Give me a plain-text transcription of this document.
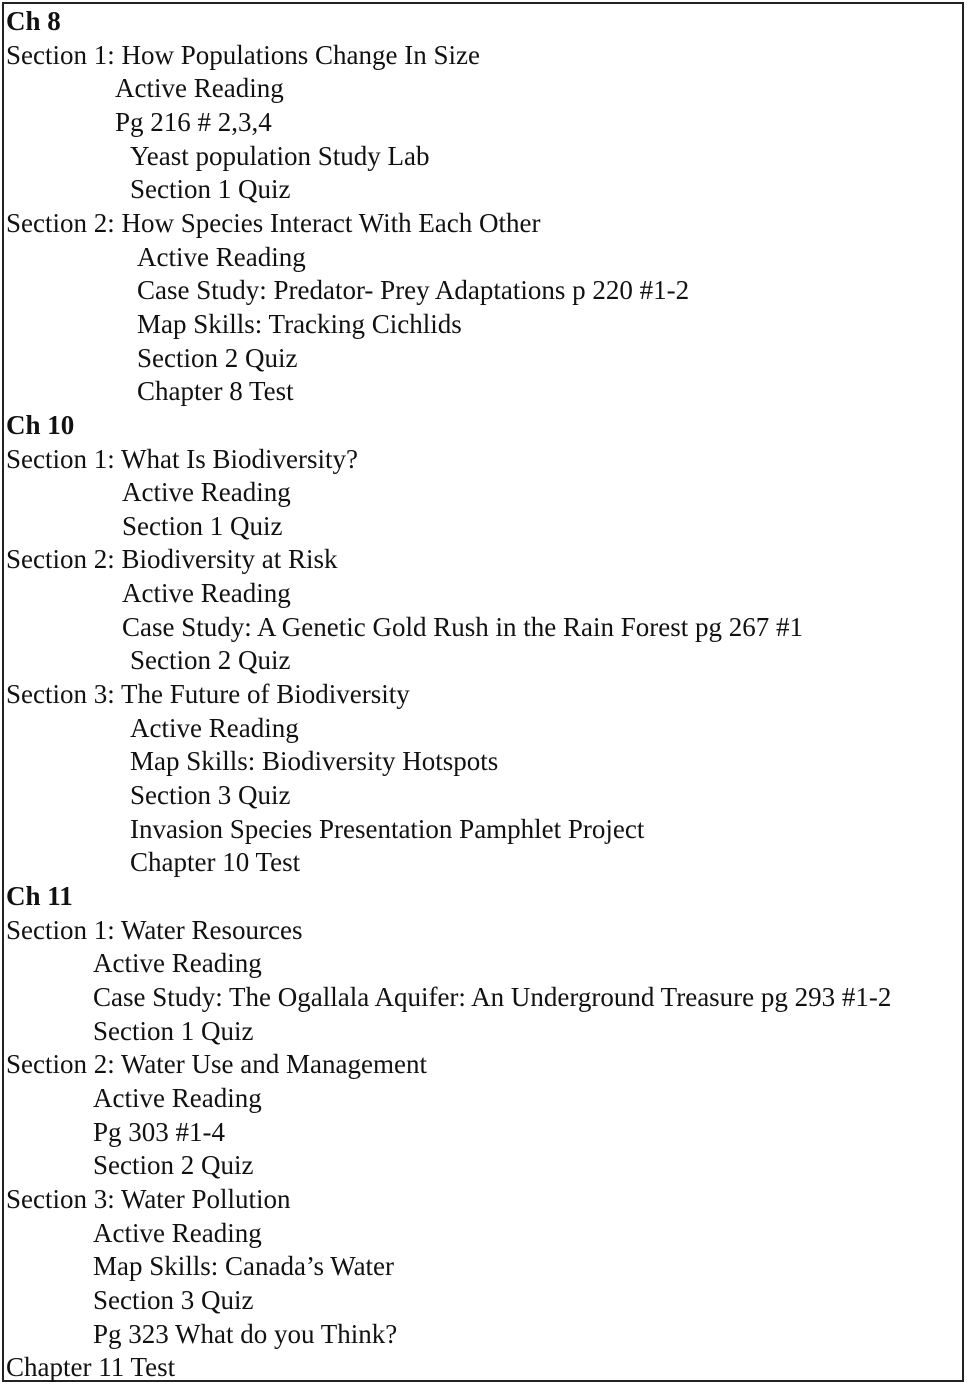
Ch 8
Section 1: How Populations Change In Size
Active Reading
Pg 216 # 2,3,4
Yeast population Study Lab
Section 1 Quiz
Section 2: How Species Interact With Each Other
Active Reading
Case Study: Predator- Prey Adaptations p 220 #1-2
Map Skills: Tracking Cichlids
Section 2 Quiz
Chapter 8 Test
Ch 10
Section 1: What Is Biodiversity?
Active Reading
Section 1 Quiz
Section 2: Biodiversity at Risk
Active Reading
Case Study: A Genetic Gold Rush in the Rain Forest pg 267 #1
Section 2 Quiz
Section 3: The Future of Biodiversity
Active Reading
Map Skills: Biodiversity Hotspots
Section 3 Quiz
Invasion Species Presentation Pamphlet Project
Chapter 10 Test
Ch 11
Section 1: Water Resources
Active Reading
Case Study: The Ogallala Aquifer: An Underground Treasure pg 293 #1-2
Section 1 Quiz
Section 2: Water Use and Management
Active Reading
Pg 303 #1-4
Section 2 Quiz
Section 3: Water Pollution
Active Reading
Map Skills: Canada’s Water
Section 3 Quiz
Pg 323 What do you Think?
Chapter 11 Test
